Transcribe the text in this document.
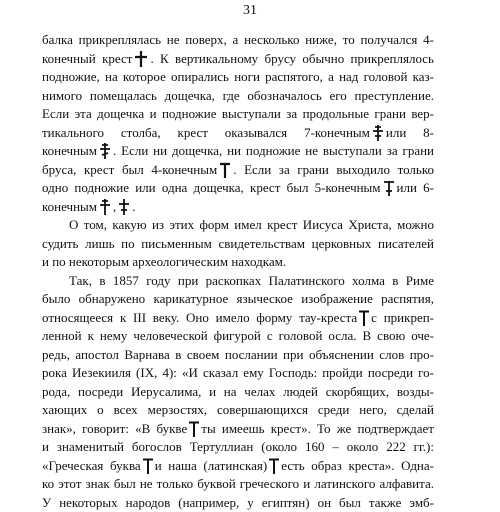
31
балка прикреплялась не поверх, а несколько ниже, то получался 4-
конечный крест . К вертикальному брусу обычно прикреплялось
подножие, на которое опирались ноги распятого, а над головой каз-
нимого помещалась дощечка, где обозначалось его преступление.
Если эта дощечка и подножие выступали за продольные грани вер-
тикального столба, крест оказывался 7-конечным или 8-
конечным . Если ни дощечка, ни подножие не выступали за грани
бруса, крест был 4-конечным . Если за грани выходило только
одно подножие или одна дощечка, крест был 5-конечным или 6-
конечным , .
О том, какую из этих форм имел крест Иисуса Христа, можно
судить лишь по письменным свидетельствам церковных писателей
и по некоторым археологическим находкам.
Так, в 1857 году при раскопках Палатинского холма в Риме
было обнаружено карикатурное языческое изображение распятия,
относящееся к III веку. Оно имело форму тау-креста с прикреп-
ленной к нему человеческой фигурой с головой осла. В свою оче-
редь, апостол Варнава в своем послании при объяснении слов про-
рока Иезекииля (IX, 4): «И сказал ему Господь: пройди посреди го-
рода, посреди Иерусалима, и на челах людей скорбящих, возды-
хающих о всех мерзостях, совершающихся среди него, сделай
знак», говорит: «В букве ты имеешь крест». То же подтверждает
и знаменитый богослов Тертуллиан (около 160 – около 222 гг.):
«Греческая буква и наша (латинская) есть образ креста». Одна-
ко этот знак был не только буквой греческого и латинского алфавита.
У некоторых народов (например, у египтян) он был также эмб-
